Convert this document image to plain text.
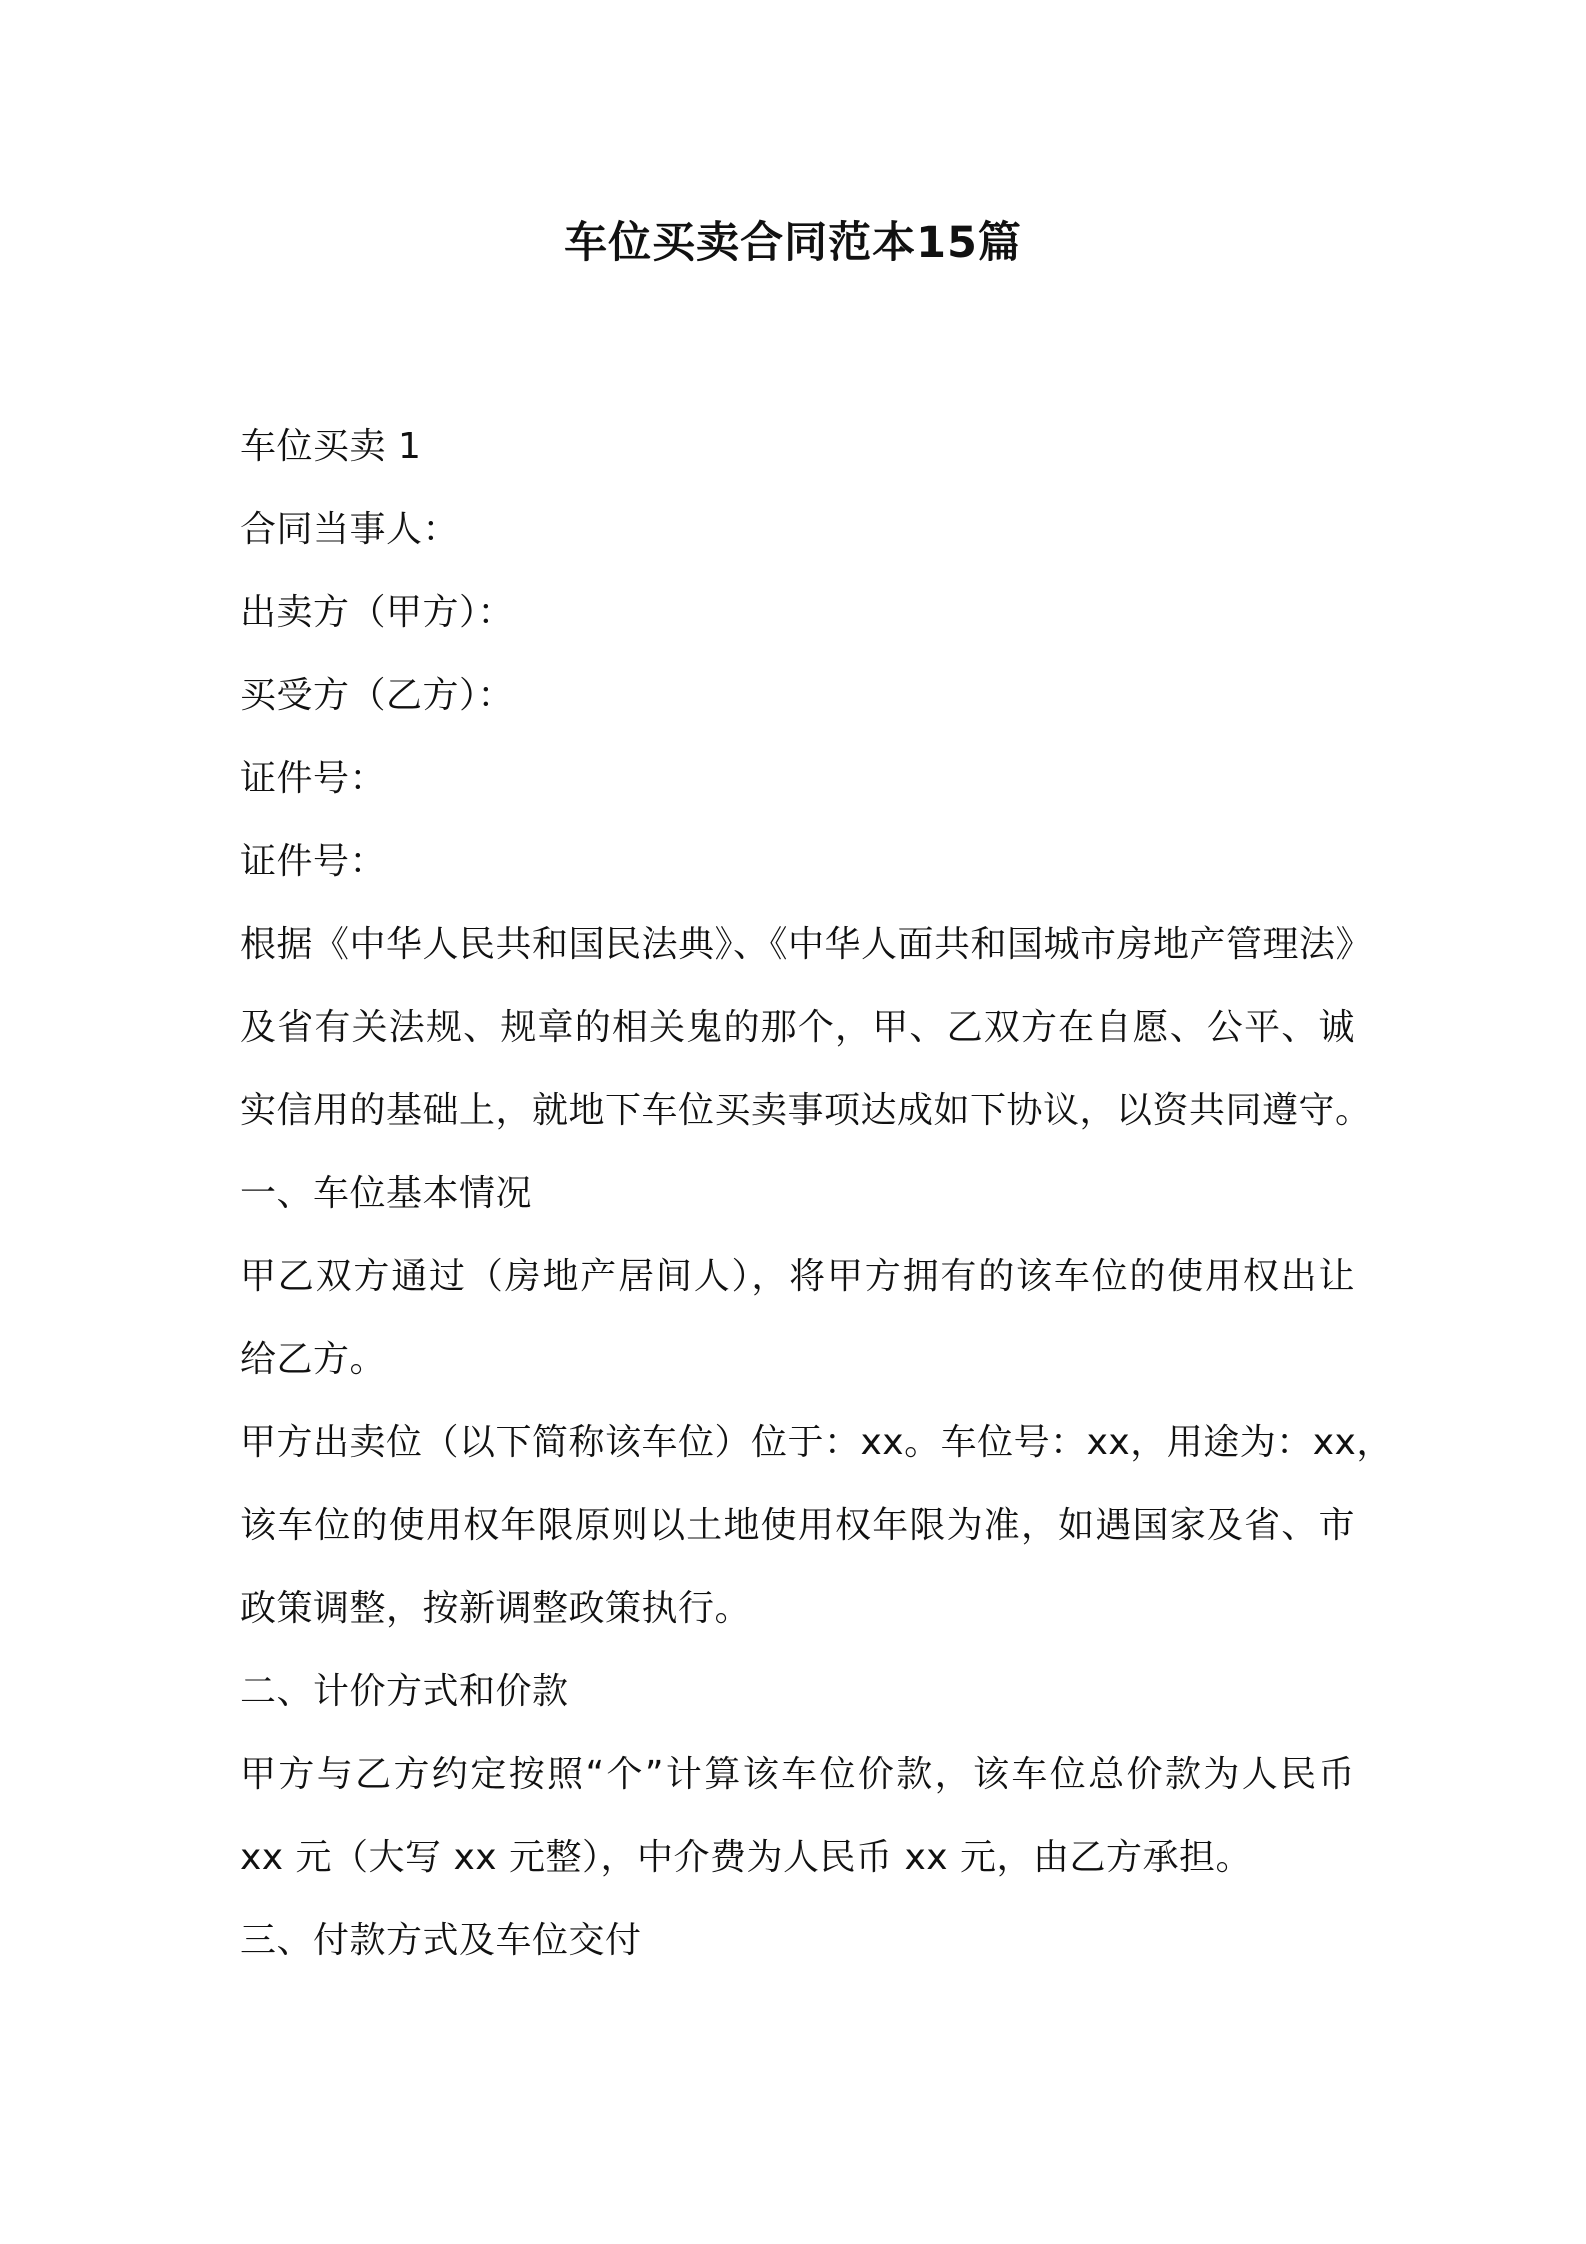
车位买卖合同范本15篇
车位买卖 1
合同当事人：
出卖方（甲方）：
买受方（乙方）：
证件号：
证件号：
根据《中华人民共和国民法典》、《中华人面共和国城市房地产管理法》
及省有关法规、规章的相关鬼的那个，甲、乙双方在自愿、公平、诚
实信用的基础上，就地下车位买卖事项达成如下协议，以资共同遵守。
一、车位基本情况
甲乙双方通过（房地产居间人），将甲方拥有的该车位的使用权出让
给乙方。
甲方出卖位（以下简称该车位）位于：xx。车位号：xx，用途为：xx，
该车位的使用权年限原则以土地使用权年限为准，如遇国家及省、市
政策调整，按新调整政策执行。
二、计价方式和价款
甲方与乙方约定按照“个”计算该车位价款，该车位总价款为人民币
xx 元（大写 xx 元整），中介费为人民币 xx 元，由乙方承担。
三、付款方式及车位交付
